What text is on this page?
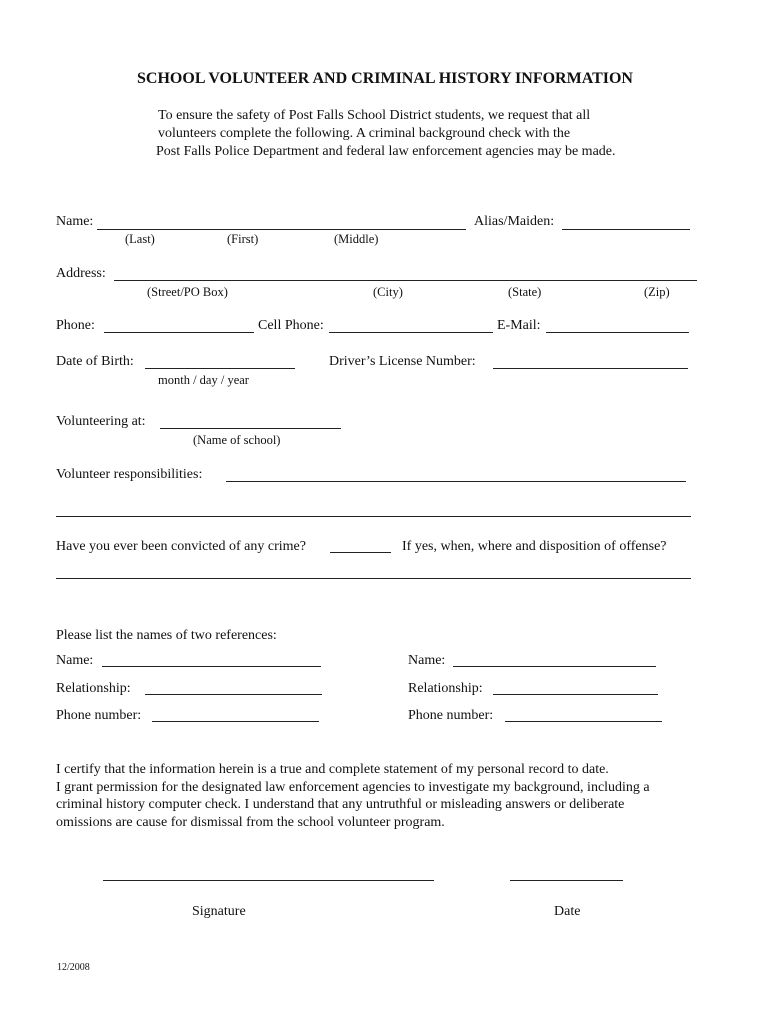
SCHOOL VOLUNTEER AND CRIMINAL HISTORY INFORMATION
To ensure the safety of Post Falls School District students, we request that all
volunteers complete the following. A criminal background check with the
Post Falls Police Department and federal law enforcement agencies may be made.
Name:	Alias/Maiden:
(Last)	(First)	(Middle)
Address:
(Street/PO Box)	(City)	(State)	(Zip)
Phone:	Cell Phone:	E-Mail:
Date of Birth:	Driver’s License Number:
month / day / year
Volunteering at:
(Name of school)
Volunteer responsibilities:
Have you ever been convicted of any crime?	If yes, when, where and disposition of offense?
Please list the names of two references:
Name:	Name:
Relationship:	Relationship:
Phone number:	Phone number:
I certify that the information herein is a true and complete statement of my personal record to date.
I grant permission for the designated law enforcement agencies to investigate my background, including a
criminal history computer check. I understand that any untruthful or misleading answers or deliberate
omissions are cause for dismissal from the school volunteer program.
Signature	Date
12/2008
